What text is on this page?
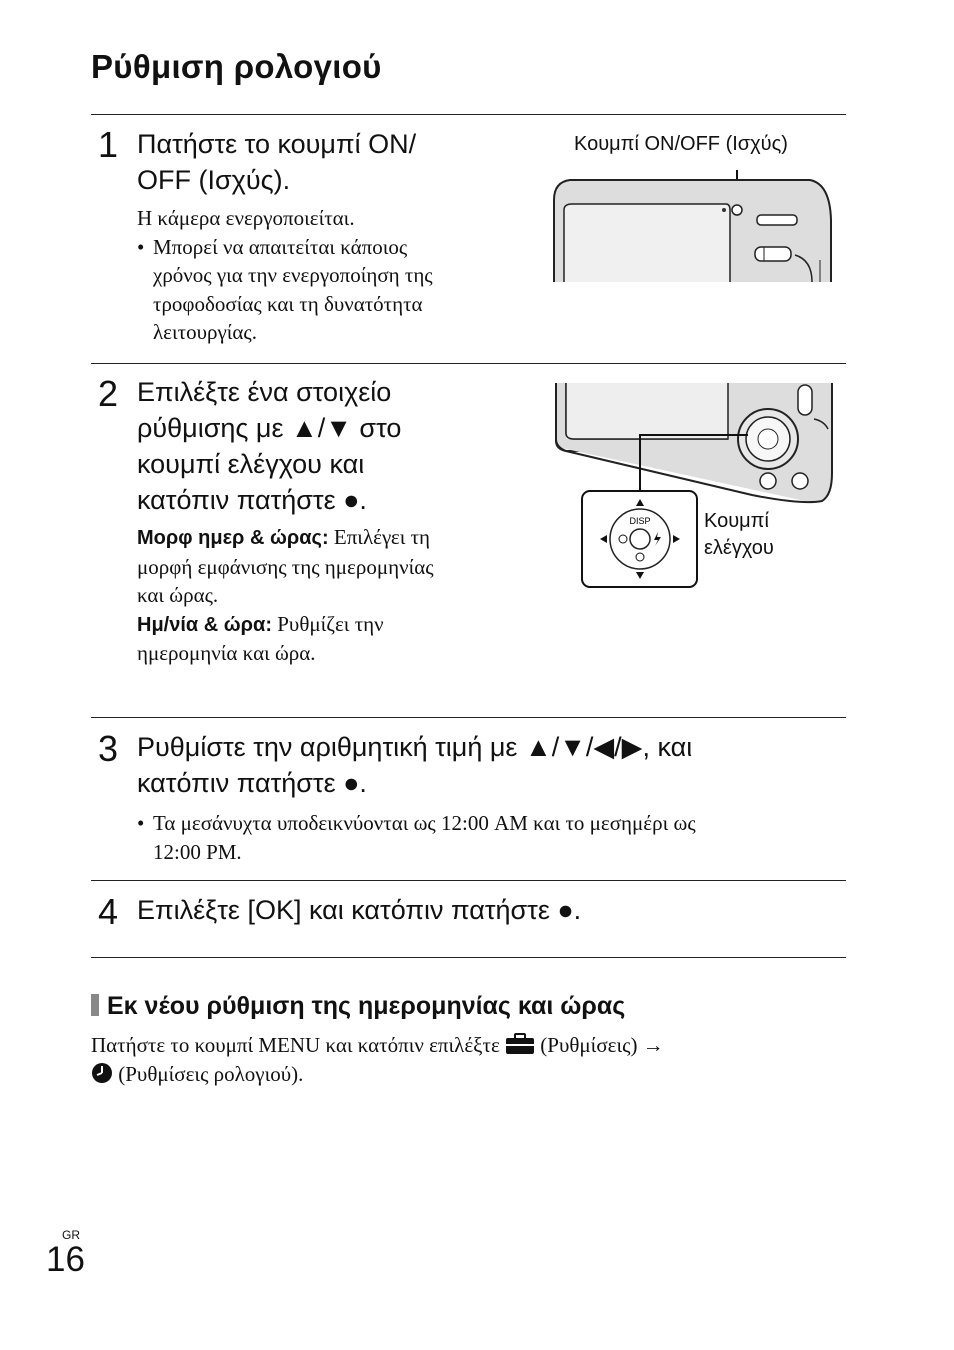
Ρύθμιση ρολογιού
1 Πατήστε το κουμπί ON/
OFF (Ισχύς).
Η κάμερα ενεργοποιείται.
• Μπορεί να απαιτείται κάποιος
χρόνος για την ενεργοποίηση της
τροφοδοσίας και τη δυνατότητα
λειτουργίας.
Κουμπί ON/OFF (Ισχύς)
2 Επιλέξτε ένα στοιχείο
ρύθμισης με ▲/▼ στο
κουμπί ελέγχου και
κατόπιν πατήστε ●.
Μορφ ημερ & ώρας: Επιλέγει τη
μορφή εμφάνισης της ημερομηνίας
και ώρας.
Ημ/νία & ώρα: Ρυθμίζει την
ημερομηνία και ώρα.
DISP	Κουμπί
ελέγχου
3 Ρυθμίστε την αριθμητική τιμή με ▲/▼/◀/▶, και
κατόπιν πατήστε ●.
• Τα μεσάνυχτα υποδεικνύονται ως 12:00 AM και το μεσημέρι ως
12:00 PM.
4 Επιλέξτε [OK] και κατόπιν πατήστε ●.
Εκ νέου ρύθμιση της ημερομηνίας και ώρας
Πατήστε το κουμπί MENU και κατόπιν επιλέξτε (Ρυθμίσεις) →
(Ρυθμίσεις ρολογιού).
GR
16
